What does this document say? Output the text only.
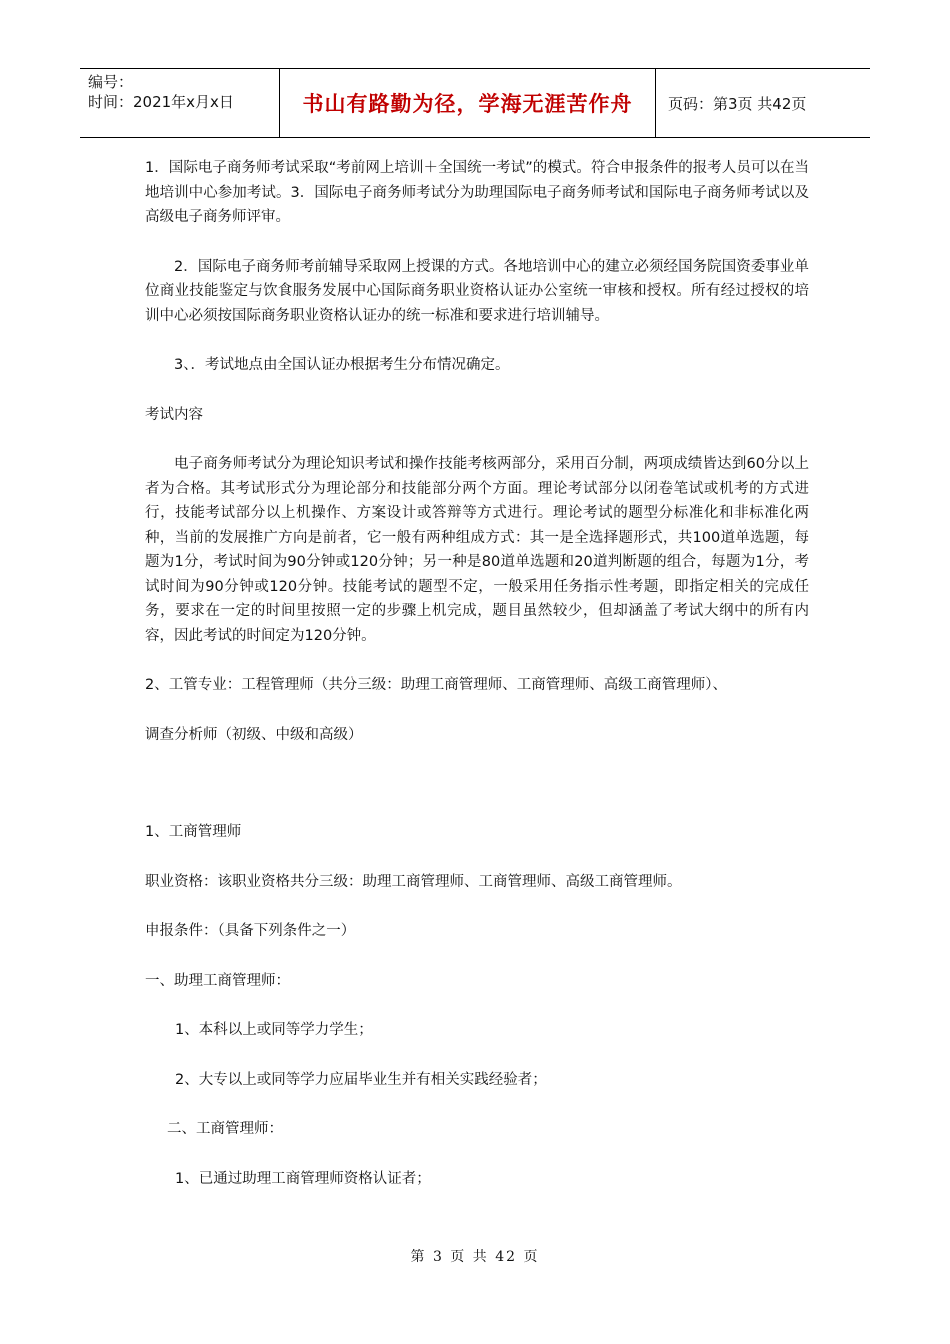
编号：
时间：2021年x月x日	书山有路勤为径，学海无涯苦作舟	页码：第3页 共42页

1．国际电子商务师考试采取“考前网上培训＋全国统一考试”的模式。符合申报条件的报考人员可以在当地培训中心参加考试。3．国际电子商务师考试分为助理国际电子商务师考试和国际电子商务师考试以及高级电子商务师评审。

2．国际电子商务师考前辅导采取网上授课的方式。各地培训中心的建立必须经国务院国资委事业单位商业技能鉴定与饮食服务发展中心国际商务职业资格认证办公室统一审核和授权。所有经过授权的培训中心必须按国际商务职业资格认证办的统一标准和要求进行培训辅导。

3、．考试地点由全国认证办根据考生分布情况确定。

考试内容

电子商务师考试分为理论知识考试和操作技能考核两部分，采用百分制，两项成绩皆达到60分以上者为合格。其考试形式分为理论部分和技能部分两个方面。理论考试部分以闭卷笔试或机考的方式进行，技能考试部分以上机操作、方案设计或答辩等方式进行。理论考试的题型分标准化和非标准化两种，当前的发展推广方向是前者，它一般有两种组成方式：其一是全选择题形式，共100道单选题，每题为1分，考试时间为90分钟或120分钟；另一种是80道单选题和20道判断题的组合，每题为1分，考试时间为90分钟或120分钟。技能考试的题型不定，一般采用任务指示性考题，即指定相关的完成任务，要求在一定的时间里按照一定的步骤上机完成，题目虽然较少，但却涵盖了考试大纲中的所有内容，因此考试的时间定为120分钟。

2、工管专业：工程管理师（共分三级：助理工商管理师、工商管理师、高级工商管理师）、

调查分析师（初级、中级和高级）

1、工商管理师

职业资格：该职业资格共分三级：助理工商管理师、工商管理师、高级工商管理师。

申报条件：（具备下列条件之一）

一、助理工商管理师：

1、本科以上或同等学力学生；

2、大专以上或同等学力应届毕业生并有相关实践经验者；

二、工商管理师：

1、已通过助理工商管理师资格认证者；

第 3 页 共 42 页
